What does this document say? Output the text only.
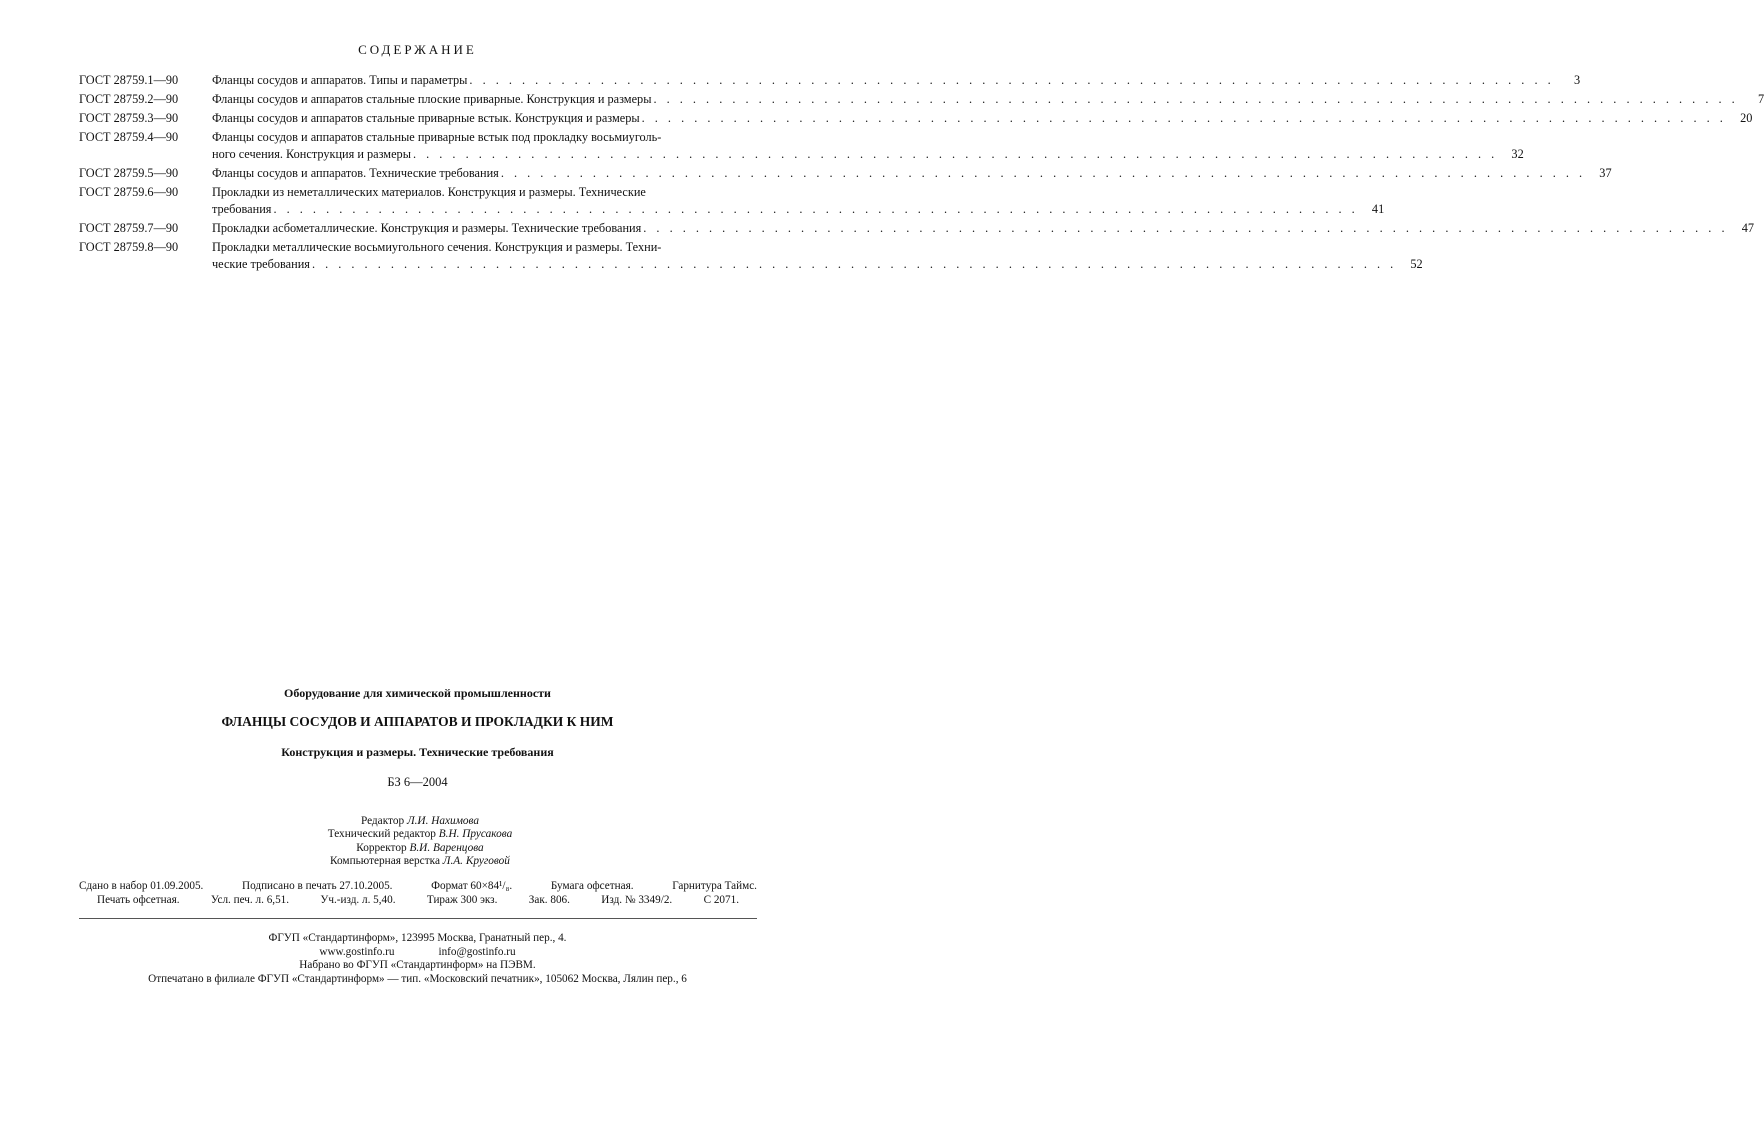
СОДЕРЖАНИЕ
ГОСТ 28759.1—90	Фланцы сосудов и аппаратов. Типы и параметры . . .	3
ГОСТ 28759.2—90	Фланцы сосудов и аппаратов стальные плоские приварные. Конструкция и размеры . . .	7
ГОСТ 28759.3—90	Фланцы сосудов и аппаратов стальные приварные встык. Конструкция и размеры . . .	20
ГОСТ 28759.4—90	Фланцы сосудов и аппаратов стальные приварные встык под прокладку восьмиуголь-
ного сечения. Конструкция и размеры . . .	32
ГОСТ 28759.5—90	Фланцы сосудов и аппаратов. Технические требования . . .	37
ГОСТ 28759.6—90	Прокладки из неметаллических материалов. Конструкция и размеры. Технические
требования . . .	41
ГОСТ 28759.7—90	Прокладки асбометаллические. Конструкция и размеры. Технические требования . . .	47
ГОСТ 28759.8—90	Прокладки металлические восьмиугольного сечения. Конструкция и размеры. Техни-
ческие требования . . .	52
Оборудование для химической промышленности
ФЛАНЦЫ СОСУДОВ И АППАРАТОВ И ПРОКЛАДКИ К НИМ
Конструкция и размеры. Технические требования
БЗ 6—2004
Редактор Л.И. Нахимова
Технический редактор В.Н. Прусакова
Корректор В.И. Варенцова
Компьютерная верстка Л.А. Круговой
Сдано в набор 01.09.2005.	Подписано в печать 27.10.2005.	Формат 60×84¹/₈.	Бумага офсетная.	Гарнитура Таймс.
Печать офсетная.	Усл. печ. л. 6,51.	Уч.-изд. л. 5,40.	Тираж 300 экз.	Зак. 806.	Изд. № 3349/2.	С 2071.
ФГУП «Стандартинформ», 123995 Москва, Гранатный пер., 4.
www.gostinfo.ru	info@gostinfo.ru
Набрано во ФГУП «Стандартинформ» на ПЭВМ.
Отпечатано в филиале ФГУП «Стандартинформ» — тип. «Московский печатник», 105062 Москва, Лялин пер., 6
